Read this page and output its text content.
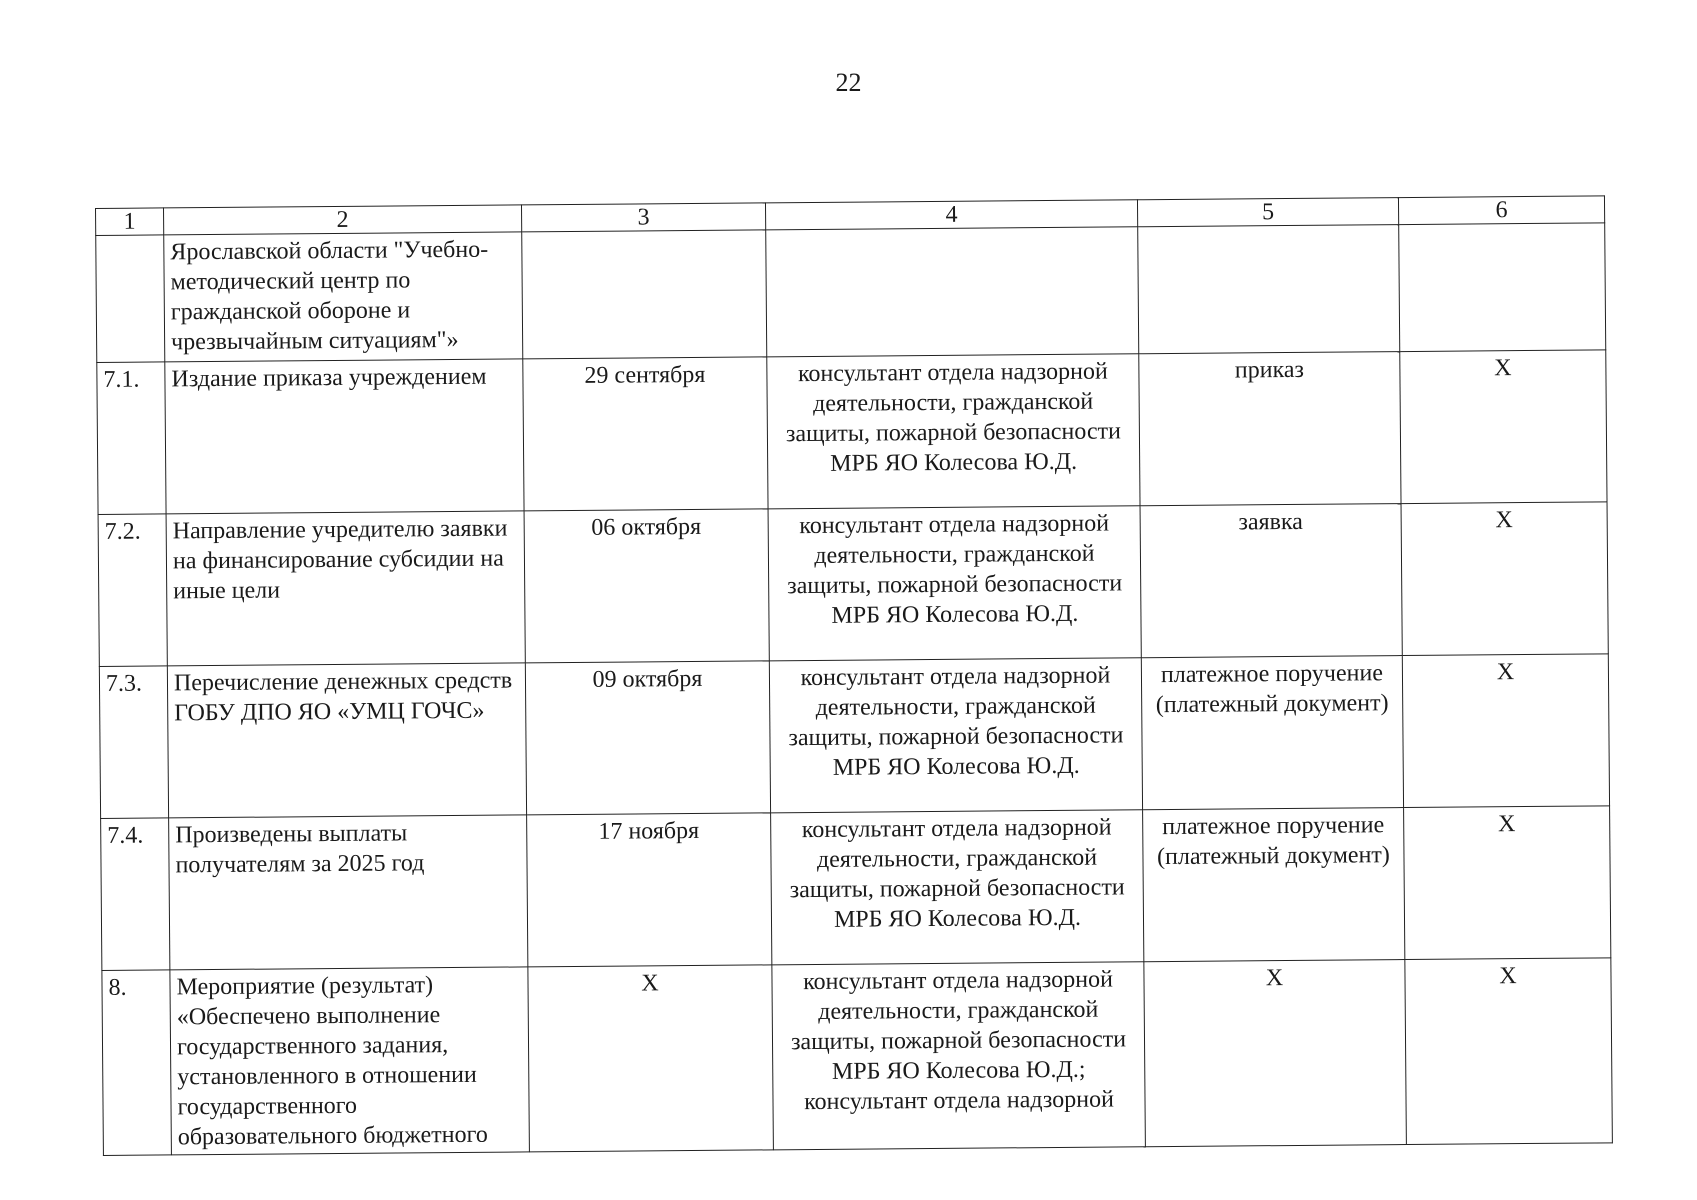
22
1	2	3	4	5	6
	Ярославской области "Учебно-методический центр по гражданской обороне и чрезвычайным ситуациям"»				
7.1.	Издание приказа учреждением	29 сентября	консультант отдела надзорной деятельности, гражданской защиты, пожарной безопасности МРБ ЯО Колесова Ю.Д.	приказ	X
7.2.	Направление учредителю заявки на финансирование субсидии на иные цели	06 октября	консультант отдела надзорной деятельности, гражданской защиты, пожарной безопасности МРБ ЯО Колесова Ю.Д.	заявка	X
7.3.	Перечисление денежных средств ГОБУ ДПО ЯО «УМЦ ГОЧС»	09 октября	консультант отдела надзорной деятельности, гражданской защиты, пожарной безопасности МРБ ЯО Колесова Ю.Д.	платежное поручение (платежный документ)	X
7.4.	Произведены выплаты получателям за 2025 год	17 ноября	консультант отдела надзорной деятельности, гражданской защиты, пожарной безопасности МРБ ЯО Колесова Ю.Д.	платежное поручение (платежный документ)	X
8.	Мероприятие (результат) «Обеспечено выполнение государственного задания, установленного в отношении государственного образовательного бюджетного	X	консультант отдела надзорной деятельности, гражданской защиты, пожарной безопасности МРБ ЯО Колесова Ю.Д.; консультант отдела надзорной	X	X
